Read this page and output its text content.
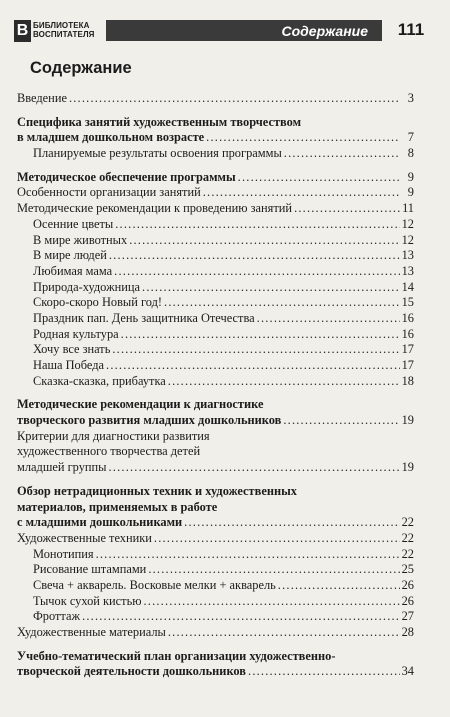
В БИБЛИОТЕКА
ВОСПИТАТЕЛЯ	Содержание	111
Содержание
Введение .....	3
Специфика занятий художественным творчеством
в младшем дошкольном возрасте .....	7
Планируемые результаты освоения программы .....	8
Методическое обеспечение программы .....	9
Особенности организации занятий .....	9
Методические рекомендации к проведению занятий .....	11
Осенние цветы .....	12
В мире животных .....	12
В мире людей .....	13
Любимая мама .....	13
Природа-художница .....	14
Скоро-скоро Новый год! .....	15
Праздник пап. День защитника Отечества .....	16
Родная культура .....	16
Хочу все знать .....	17
Наша Победа .....	17
Сказка-сказка, прибаутка .....	18
Методические рекомендации к диагностике
творческого развития младших дошкольников .....	19
Критерии для диагностики развития
художественного творчества детей
младшей группы .....	19
Обзор нетрадиционных техник и художественных
материалов, применяемых в работе
с младшими дошкольниками .....	22
Художественные техники .....	22
Монотипия .....	22
Рисование штампами .....	25
Свеча + акварель. Восковые мелки + акварель .....	26
Тычок сухой кистью .....	26
Фроттаж .....	27
Художественные материалы .....	28
Учебно-тематический план организации художественно-
творческой деятельности дошкольников .....	34
